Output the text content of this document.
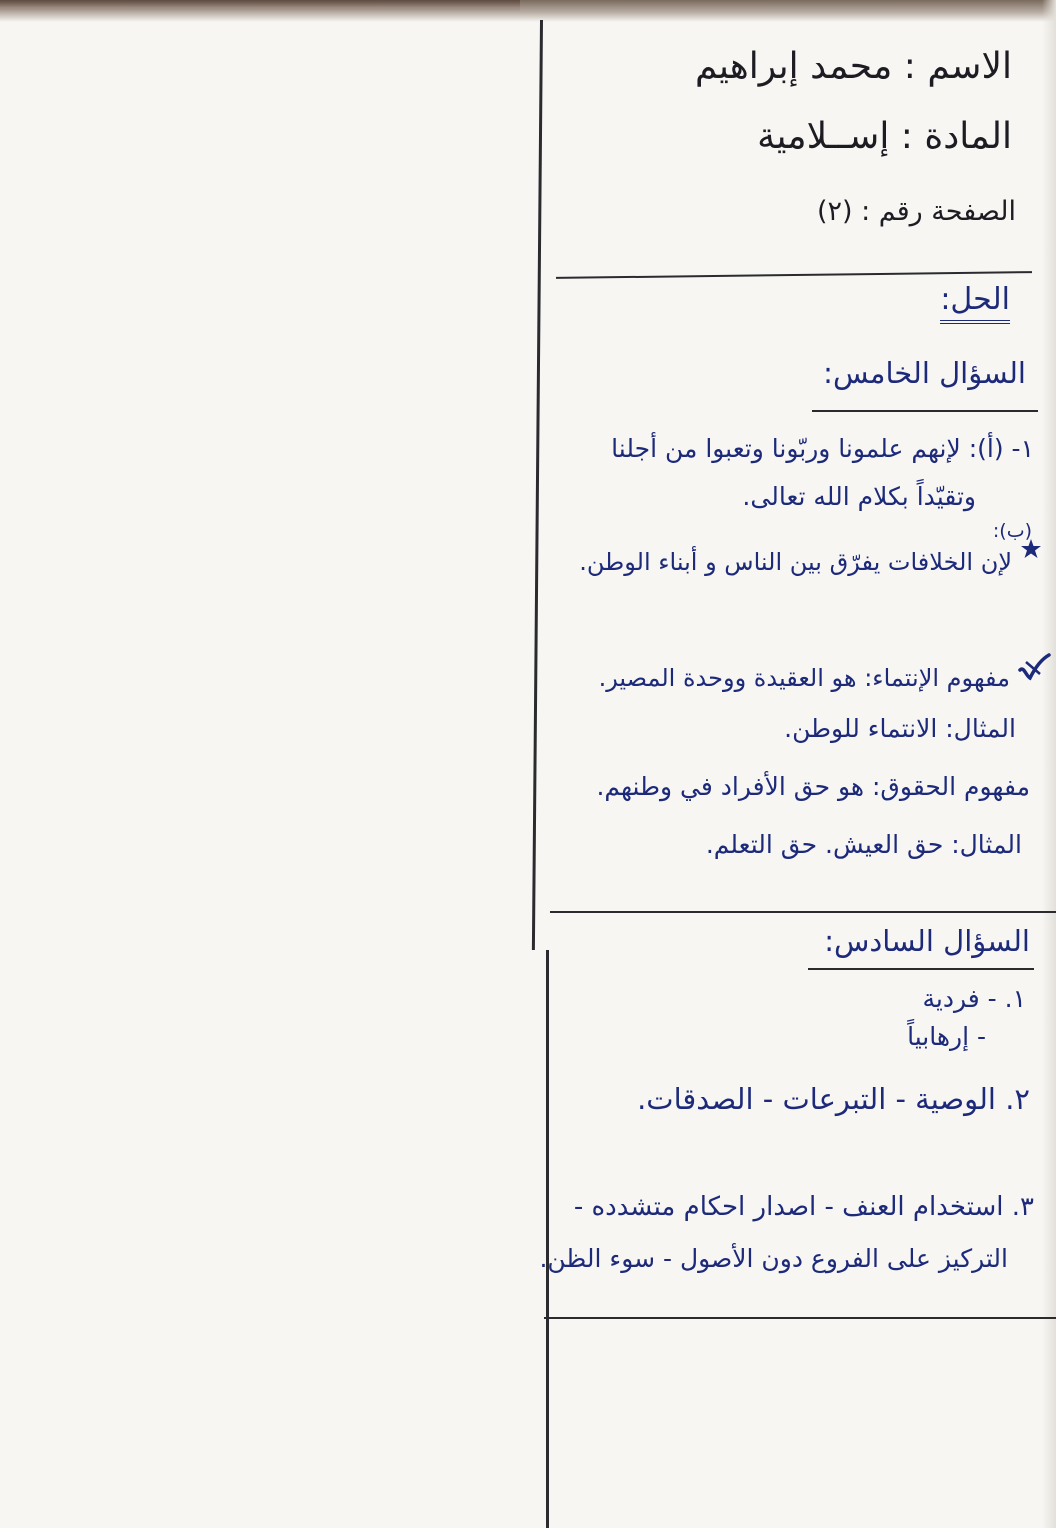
الاسم : محمد إبراهيم
المادة : إســلامية
الصفحة رقم : (٢)
الحل:
السؤال الخامس:
١- (أ): لإنهم علمونا وربّونا وتعبوا من أجلنا
وتقيّداً بكلام الله تعالى.
(ب):
لإن الخلافات يفرّق بين الناس و أبناء الوطن.
مفهوم الإنتماء: هو العقيدة ووحدة المصير.
المثال: الانتماء للوطن.
مفهوم الحقوق: هو حق الأفراد في وطنهم.
المثال: حق العيش. حق التعلم.
السؤال السادس:
١. - فردية
- إرهابياً
٢. الوصية - التبرعات - الصدقات.
٣. استخدام العنف - اصدار احكام متشدده -
التركيز على الفروع دون الأصول - سوء الظن.
